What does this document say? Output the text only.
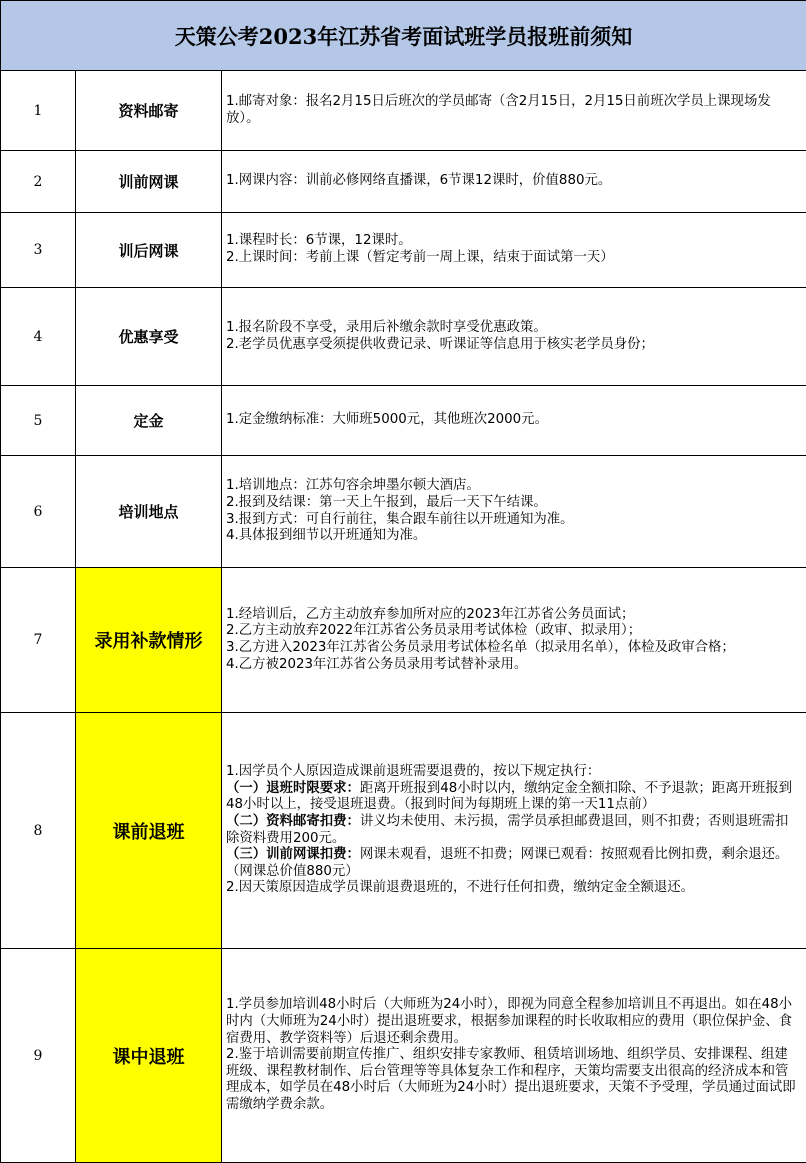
天策公考2023年江苏省考面试班学员报班前须知		
1	资料邮寄	1.邮寄对象：报名2月15日后班次的学员邮寄（含2月15日，2月15日前班次学员上课现场发放）。

2	训前网课	1.网课内容：训前必修网络直播课，6节课12课时，价值880元。

3	训后网课	1.课程时长：6节课，12课时。
2.上课时间：考前上课（暂定考前一周上课，结束于面试第一天）

4	优惠享受	1.报名阶段不享受，录用后补缴余款时享受优惠政策。
2.老学员优惠享受须提供收费记录、听课证等信息用于核实老学员身份；

5	定金	1.定金缴纳标准：大师班5000元，其他班次2000元。

6	培训地点	1.培训地点：江苏句容余坤墨尔顿大酒店。
2.报到及结课：第一天上午报到，最后一天下午结课。
3.报到方式：可自行前往，集合跟车前往以开班通知为准。
4.具体报到细节以开班通知为准。

7	录用补款情形	1.经培训后，乙方主动放弃参加所对应的2023年江苏省公务员面试；
2.乙方主动放弃2022年江苏省公务员录用考试体检（政审、拟录用）；
3.乙方进入2023年江苏省公务员录用考试体检名单（拟录用名单），体检及政审合格；
4.乙方被2023年江苏省公务员录用考试替补录用。

8	课前退班	1.因学员个人原因造成课前退班需要退费的，按以下规定执行：
（一）退班时限要求：距离开班报到48小时以内，缴纳定金全额扣除、不予退款；距离开班报到48小时以上，接受退班退费。（报到时间为每期班上课的第一天11点前）
（二）资料邮寄扣费：讲义均未使用、未污损，需学员承担邮费退回，则不扣费；否则退班需扣除资料费用200元。
（三）训前网课扣费：网课未观看，退班不扣费；网课已观看：按照观看比例扣费，剩余退还。（网课总价值880元）
2.因天策原因造成学员课前退费退班的，不进行任何扣费，缴纳定金全额退还。

9	课中退班	1.学员参加培训48小时后（大师班为24小时），即视为同意全程参加培训且不再退出。如在48小时内（大师班为24小时）提出退班要求，根据参加课程的时长收取相应的费用（职位保护金、食宿费用、教学资料等）后退还剩余费用。
2.鉴于培训需要前期宣传推广、组织安排专家教师、租赁培训场地、组织学员、安排课程、组建班级、课程教材制作、后台管理等等具体复杂工作和程序，天策均需要支出很高的经济成本和管理成本，如学员在48小时后（大师班为24小时）提出退班要求，天策不予受理，学员通过面试即需缴纳学费余款。
